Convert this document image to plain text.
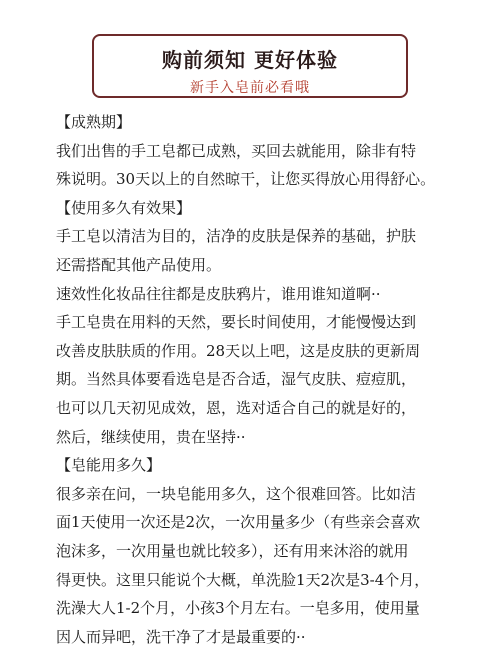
购前须知 更好体验
新手入皂前必看哦
【成熟期】
我们出售的手工皂都已成熟，买回去就能用，除非有特
殊说明。30天以上的自然晾干，让您买得放心用得舒心。
【使用多久有效果】
手工皂以清洁为目的，洁净的皮肤是保养的基础，护肤
还需搭配其他产品使用。
速效性化妆品往往都是皮肤鸦片，谁用谁知道啊··
手工皂贵在用料的天然，要长时间使用，才能慢慢达到
改善皮肤肤质的作用。28天以上吧，这是皮肤的更新周
期。当然具体要看选皂是否合适，湿气皮肤、痘痘肌，
也可以几天初见成效，恩，选对适合自己的就是好的，
然后，继续使用，贵在坚持··
【皂能用多久】
很多亲在问，一块皂能用多久，这个很难回答。比如洁
面1天使用一次还是2次，一次用量多少（有些亲会喜欢
泡沫多，一次用量也就比较多），还有用来沐浴的就用
得更快。这里只能说个大概，单洗脸1天2次是3-4个月，
洗澡大人1-2个月，小孩3个月左右。一皂多用，使用量
因人而异吧，洗干净了才是最重要的··
